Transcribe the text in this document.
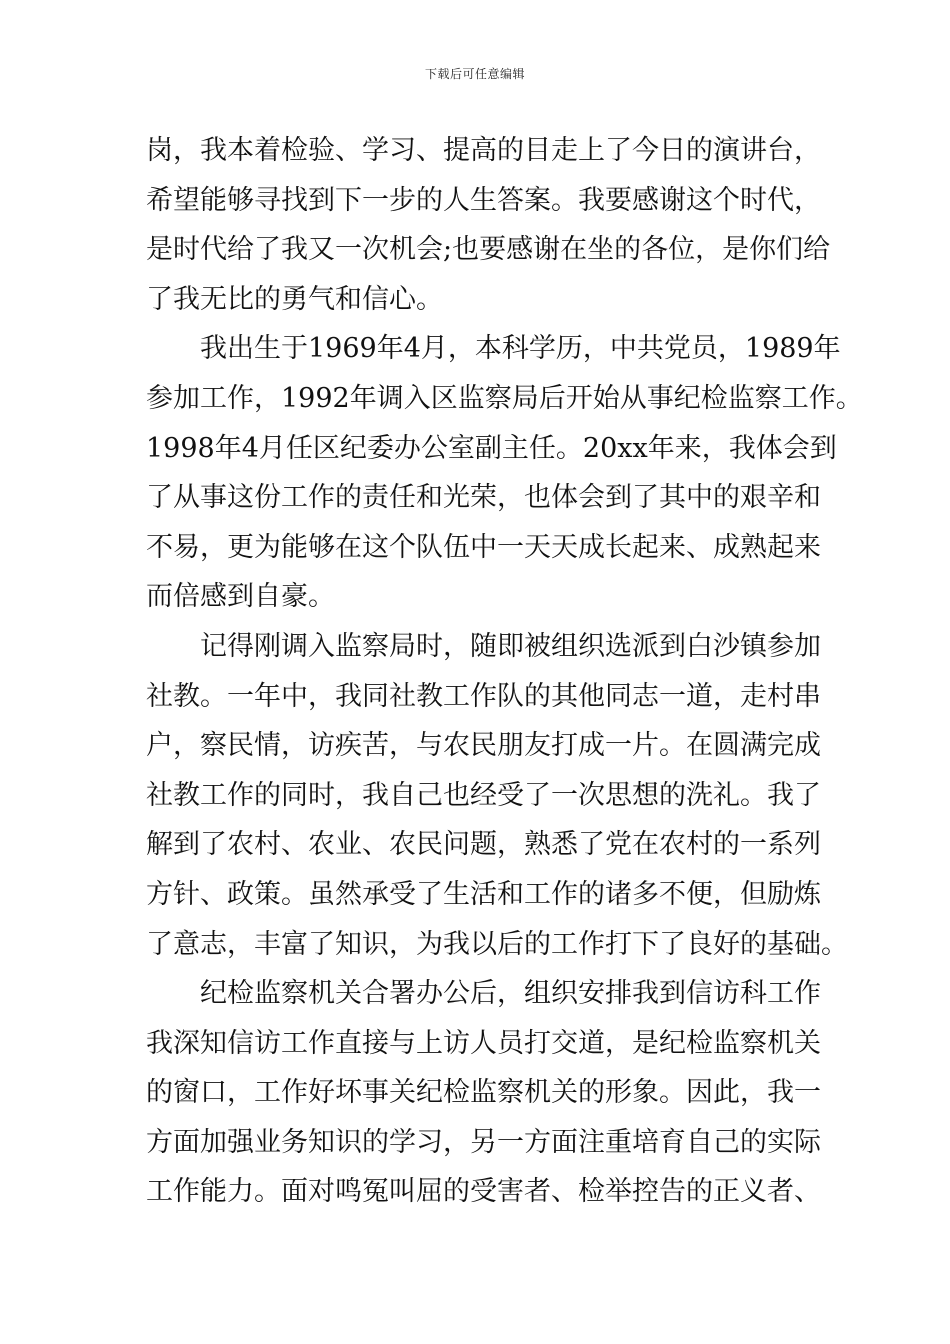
下载后可任意编辑
岗，我本着检验、学习、提高的目走上了今日的演讲台，
希望能够寻找到下一步的人生答案。我要感谢这个时代，
是时代给了我又一次机会;也要感谢在坐的各位，是你们给
了我无比的勇气和信心。
我出生于1969年4月，本科学历，中共党员，1989年
参加工作，1992年调入区监察局后开始从事纪检监察工作。
1998年4月任区纪委办公室副主任。20xx年来，我体会到
了从事这份工作的责任和光荣，也体会到了其中的艰辛和
不易，更为能够在这个队伍中一天天成长起来、成熟起来
而倍感到自豪。
记得刚调入监察局时，随即被组织选派到白沙镇参加
社教。一年中，我同社教工作队的其他同志一道，走村串
户，察民情，访疾苦，与农民朋友打成一片。在圆满完成
社教工作的同时，我自己也经受了一次思想的洗礼。我了
解到了农村、农业、农民问题，熟悉了党在农村的一系列
方针、政策。虽然承受了生活和工作的诸多不便，但励炼
了意志，丰富了知识，为我以后的工作打下了良好的基础。
纪检监察机关合署办公后，组织安排我到信访科工作
我深知信访工作直接与上访人员打交道，是纪检监察机关
的窗口，工作好坏事关纪检监察机关的形象。因此，我一
方面加强业务知识的学习，另一方面注重培育自己的实际
工作能力。面对鸣冤叫屈的受害者、检举控告的正义者、
